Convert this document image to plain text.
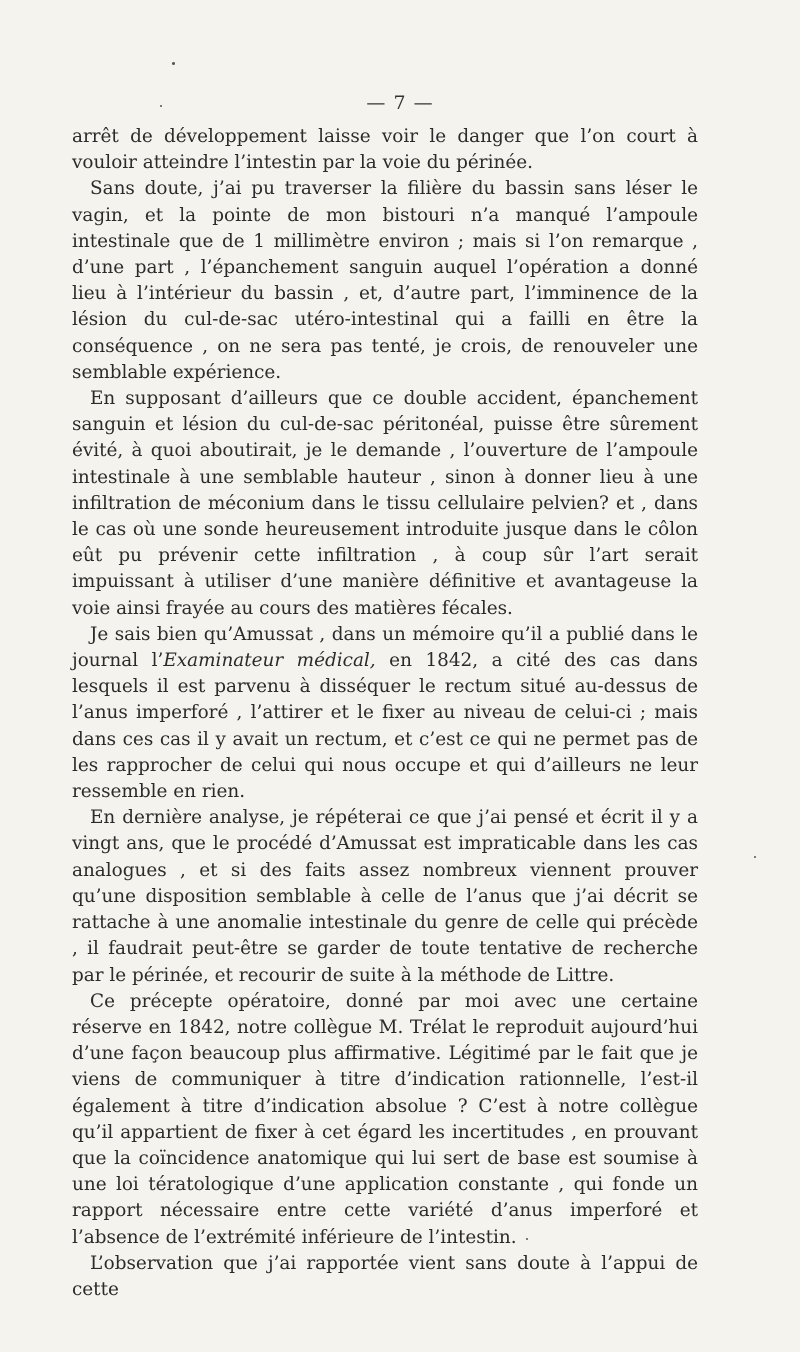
— 7 —

arrêt de développement laisse voir le danger que l’on court à vouloir atteindre l’intestin par la voie du périnée.

Sans doute, j’ai pu traverser la filière du bassin sans léser le vagin, et la pointe de mon bistouri n’a manqué l’ampoule intestinale que de 1 millimètre environ ; mais si l’on remarque , d’une part , l’épanchement sanguin auquel l’opération a donné lieu à l’intérieur du bassin , et, d’autre part, l’imminence de la lésion du cul-de-sac utéro-intestinal qui a failli en être la conséquence , on ne sera pas tenté, je crois, de renouveler une semblable expérience.

En supposant d’ailleurs que ce double accident, épanchement sanguin et lésion du cul-de-sac péritonéal, puisse être sûrement évité, à quoi aboutirait, je le demande , l’ouverture de l’ampoule intestinale à une semblable hauteur , sinon à donner lieu à une infiltration de méconium dans le tissu cellulaire pelvien? et , dans le cas où une sonde heureusement introduite jusque dans le côlon eût pu prévenir cette infiltration , à coup sûr l’art serait impuissant à utiliser d’une manière définitive et avantageuse la voie ainsi frayée au cours des matières fécales.

Je sais bien qu’Amussat , dans un mémoire qu’il a publié dans le journal l’Examinateur médical, en 1842, a cité des cas dans lesquels il est parvenu à disséquer le rectum situé au-dessus de l’anus imperforé , l’attirer et le fixer au niveau de celui-ci ; mais dans ces cas il y avait un rectum, et c’est ce qui ne permet pas de les rapprocher de celui qui nous occupe et qui d’ailleurs ne leur ressemble en rien.

En dernière analyse, je répéterai ce que j’ai pensé et écrit il y a vingt ans, que le procédé d’Amussat est impraticable dans les cas analogues , et si des faits assez nombreux viennent prouver qu’une disposition semblable à celle de l’anus que j’ai décrit se rattache à une anomalie intestinale du genre de celle qui précède , il faudrait peut-être se garder de toute tentative de recherche par le périnée, et recourir de suite à la méthode de Littre.

Ce précepte opératoire, donné par moi avec une certaine réserve en 1842, notre collègue M. Trélat le reproduit aujourd’hui d’une façon beaucoup plus affirmative. Légitimé par le fait que je viens de communiquer à titre d’indication rationnelle, l’est-il également à titre d’indication absolue ? C’est à notre collègue qu’il appartient de fixer à cet égard les incertitudes , en prouvant que la coïncidence anatomique qui lui sert de base est soumise à une loi tératologique d’une application constante , qui fonde un rapport nécessaire entre cette variété d’anus imperforé et l’absence de l’extrémité inférieure de l’intestin.

L’observation que j’ai rapportée vient sans doute à l’appui de cette
